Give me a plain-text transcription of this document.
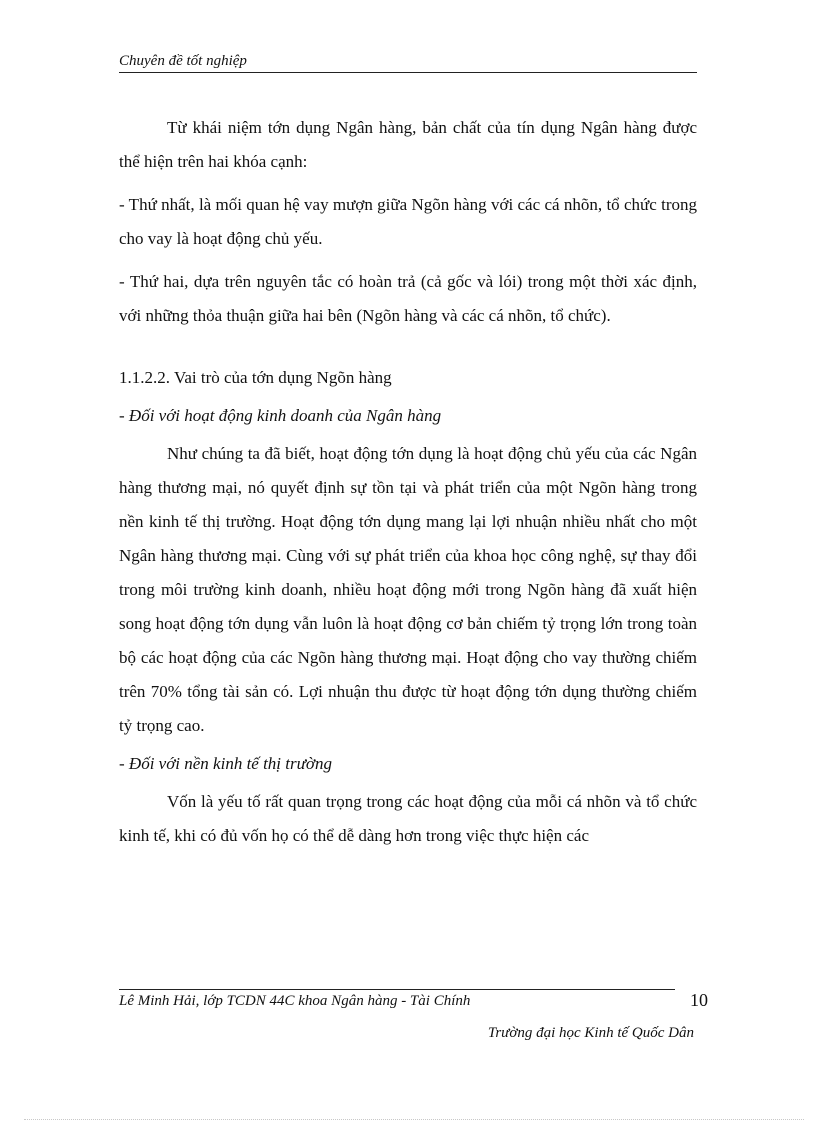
Chuyên đề tốt nghiệp

Từ khái niệm tớn dụng Ngân hàng, bản chất của tín dụng Ngân hàng được thể hiện trên hai khóa cạnh:

- Thứ nhất, là mối quan hệ vay mượn giữa Ngõn hàng với các cá nhõn, tổ chức trong cho vay là hoạt động chủ yếu.

- Thứ hai, dựa trên nguyên tắc có hoàn trả (cả gốc và lói) trong một thời xác định, với những thỏa thuận giữa hai bên (Ngõn hàng và các cá nhõn, tổ chức).

1.1.2.2. Vai trò của tớn dụng Ngõn hàng

- Đối với hoạt động kinh doanh của Ngân hàng

Như chúng ta đã biết, hoạt động tớn dụng là hoạt động chủ yếu của các Ngân hàng thương mại, nó quyết định sự tồn tại và phát triển của một Ngõn hàng trong nền kinh tế thị trường. Hoạt động tớn dụng mang lại lợi nhuận nhiều nhất cho một Ngân hàng thương mại. Cùng với sự phát triển của khoa học công nghệ, sự thay đổi trong môi trường kinh doanh, nhiều hoạt động mới trong Ngõn hàng đã xuất hiện song hoạt động tớn dụng vẫn luôn là hoạt động cơ bản chiếm tỷ trọng lớn trong toàn bộ các hoạt động của các Ngõn hàng thương mại. Hoạt động cho vay thường chiếm trên 70% tổng tài sản có. Lợi nhuận thu được từ hoạt động tớn dụng thường chiếm tỷ trọng cao.

- Đối với nền kinh tế thị trường

Vốn là yếu tố rất quan trọng trong các hoạt động của mỗi cá nhõn và tổ chức kinh tế, khi có đủ vốn họ có thể dễ dàng hơn trong việc thực hiện các

Lê Minh Hải, lớp TCDN 44C khoa Ngân hàng - Tài Chính	10
Trường đại học Kinh tế Quốc Dân
